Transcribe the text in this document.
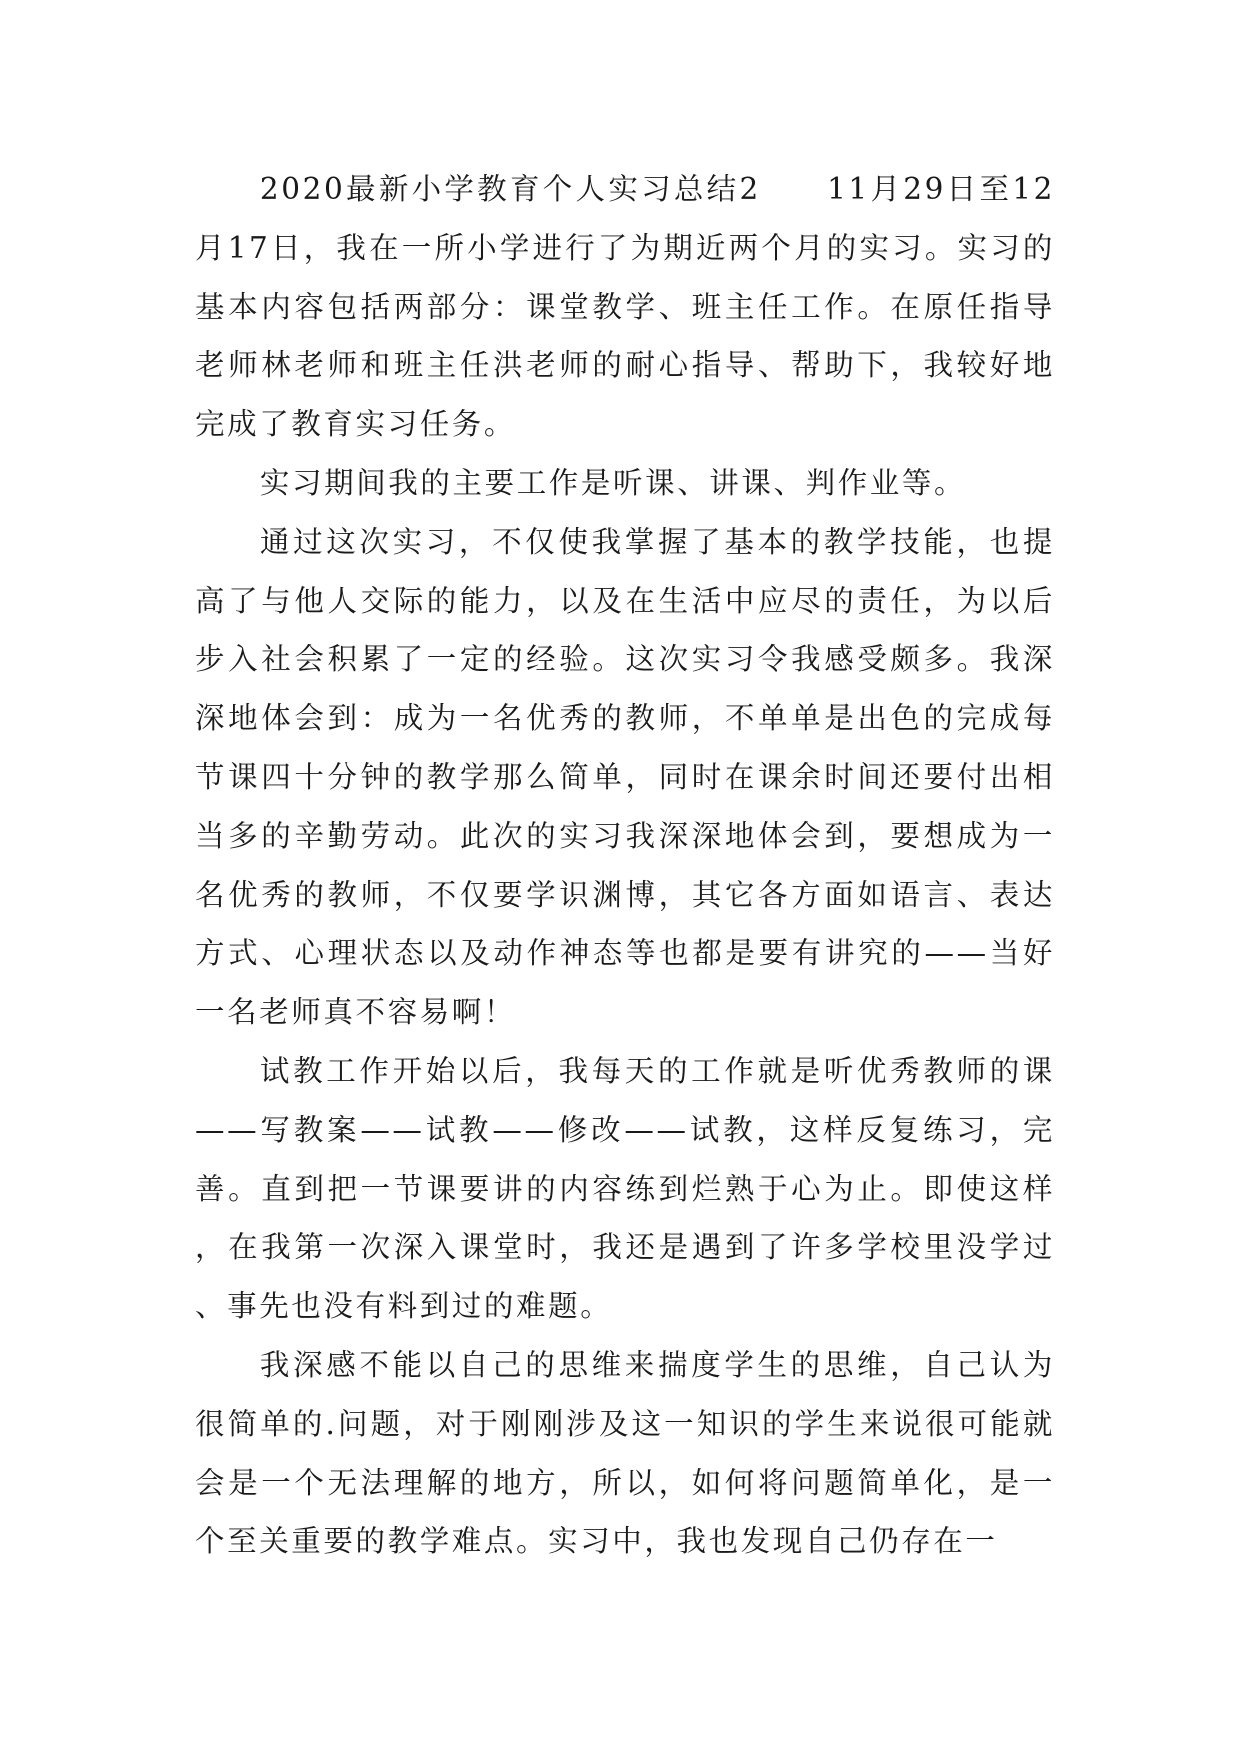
2020最新小学教育个人实习总结2　　11月29日至12月17日，我在一所小学进行了为期近两个月的实习。实习的基本内容包括两部分：课堂教学、班主任工作。在原任指导老师林老师和班主任洪老师的耐心指导、帮助下，我较好地完成了教育实习任务。

实习期间我的主要工作是听课、讲课、判作业等。

通过这次实习，不仅使我掌握了基本的教学技能，也提高了与他人交际的能力，以及在生活中应尽的责任，为以后步入社会积累了一定的经验。这次实习令我感受颇多。我深深地体会到：成为一名优秀的教师，不单单是出色的完成每节课四十分钟的教学那么简单，同时在课余时间还要付出相当多的辛勤劳动。此次的实习我深深地体会到，要想成为一名优秀的教师，不仅要学识渊博，其它各方面如语言、表达方式、心理状态以及动作神态等也都是要有讲究的——当好一名老师真不容易啊！

试教工作开始以后，我每天的工作就是听优秀教师的课——写教案——试教——修改——试教，这样反复练习，完善。直到把一节课要讲的内容练到烂熟于心为止。即使这样，在我第一次深入课堂时，我还是遇到了许多学校里没学过、事先也没有料到过的难题。

我深感不能以自己的思维来揣度学生的思维，自己认为很简单的.问题，对于刚刚涉及这一知识的学生来说很可能就会是一个无法理解的地方，所以，如何将问题简单化，是一个至关重要的教学难点。实习中，我也发现自己仍存在一
